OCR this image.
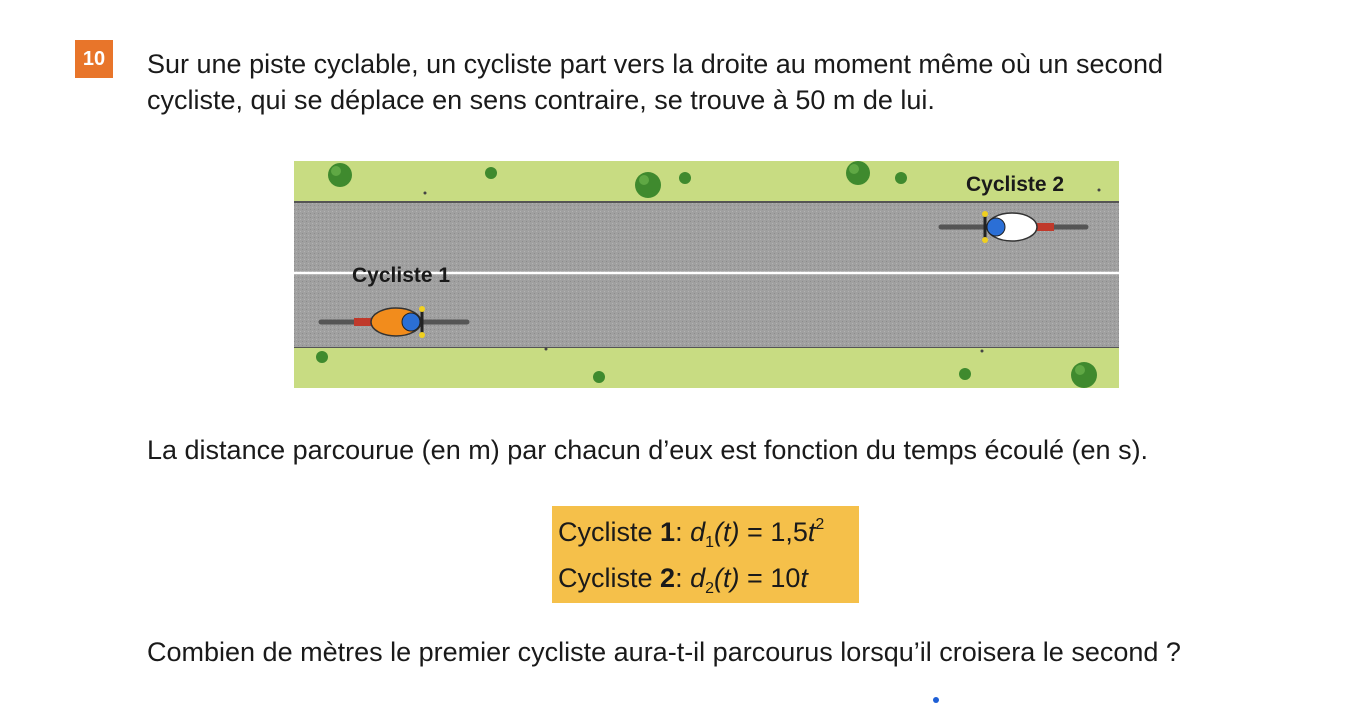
10 Sur une piste cyclable, un cycliste part vers la droite au moment même où un second
cycliste, qui se déplace en sens contraire, se trouve à 50 m de lui.
Cycliste 1
Cycliste 2
La distance parcourue (en m) par chacun d’eux est fonction du temps écoulé (en s).
Cycliste 1: $d_1(t) = 1,5t^2$
Cycliste 2: $d_2(t) = 10t$
Combien de mètres le premier cycliste aura-t-il parcourus lorsqu’il croisera le second ?
